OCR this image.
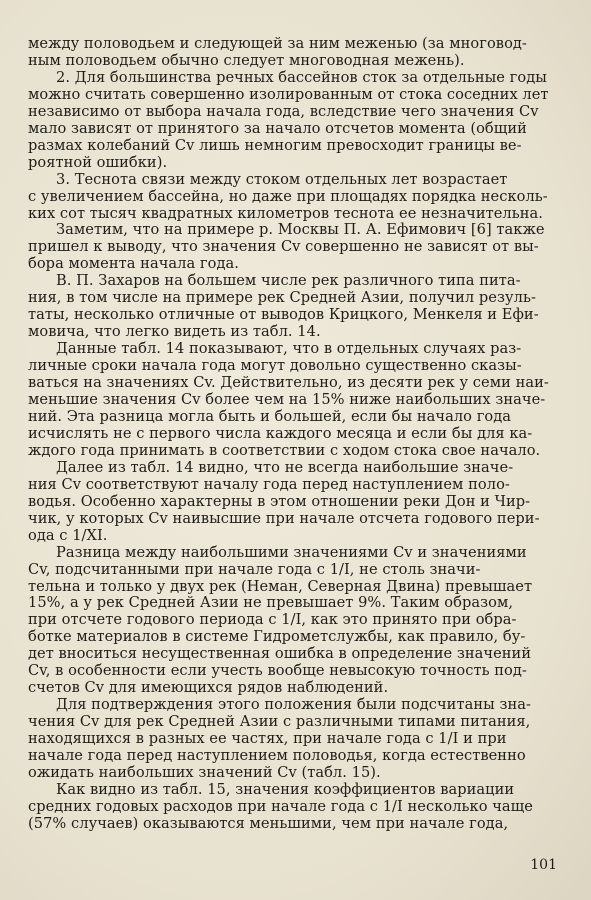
между половодьем и следующей за ним меженью (за многовод-
ным половодьем обычно следует многоводная межень).

2. Для большинства речных бассейнов сток за отдельные годы
можно считать совершенно изолированным от стока соседних лет
независимо от выбора начала года, вследствие чего значения Cv
мало зависят от принятого за начало отсчетов момента (общий
размах колебаний Cv лишь немногим превосходит границы ве-
роятной ошибки).

3. Теснота связи между стоком отдельных лет возрастает
с увеличением бассейна, но даже при площадях порядка несколь-
ких сот тысяч квадратных километров теснота ее незначительна.

Заметим, что на примере р. Москвы П. А. Ефимович [6] также
пришел к выводу, что значения Cv совершенно не зависят от вы-
бора момента начала года.

В. П. Захаров на большем числе рек различного типа пита-
ния, в том числе на примере рек Средней Азии, получил резуль-
таты, несколько отличные от выводов Крицкого, Менкеля и Ефи-
мовича, что легко видеть из табл. 14.

Данные табл. 14 показывают, что в отдельных случаях раз-
личные сроки начала года могут довольно существенно сказы-
ваться на значениях Cv. Действительно, из десяти рек у семи наи-
меньшие значения Cv более чем на 15% ниже наибольших значе-
ний. Эта разница могла быть и большей, если бы начало года
исчислять не с первого числа каждого месяца и если бы для ка-
ждого года принимать в соответствии с ходом стока свое начало.

Далее из табл. 14 видно, что не всегда наибольшие значе-
ния Cv соответствуют началу года перед наступлением поло-
водья. Особенно характерны в этом отношении реки Дон и Чир-
чик, у которых Cv наивысшие при начале отсчета годового пери-
ода с 1/XI.

Разница между наибольшими значениями Cv и значениями
Cv, подсчитанными при начале года с 1/I, не столь значи-
тельна и только у двух рек (Неман, Северная Двина) превышает
15%, а у рек Средней Азии не превышает 9%. Таким образом,
при отсчете годового периода с 1/I, как это принято при обра-
ботке материалов в системе Гидрометслужбы, как правило, бу-
дет вноситься несущественная ошибка в определение значений
Cv, в особенности если учесть вообще невысокую точность под-
счетов Cv для имеющихся рядов наблюдений.

Для подтверждения этого положения были подсчитаны зна-
чения Cv для рек Средней Азии с различными типами питания,
находящихся в разных ее частях, при начале года с 1/I и при
начале года перед наступлением половодья, когда естественно
ожидать наибольших значений Cv (табл. 15).

Как видно из табл. 15, значения коэффициентов вариации
средних годовых расходов при начале года с 1/I несколько чаще
(57% случаев) оказываются меньшими, чем при начале года,

101
